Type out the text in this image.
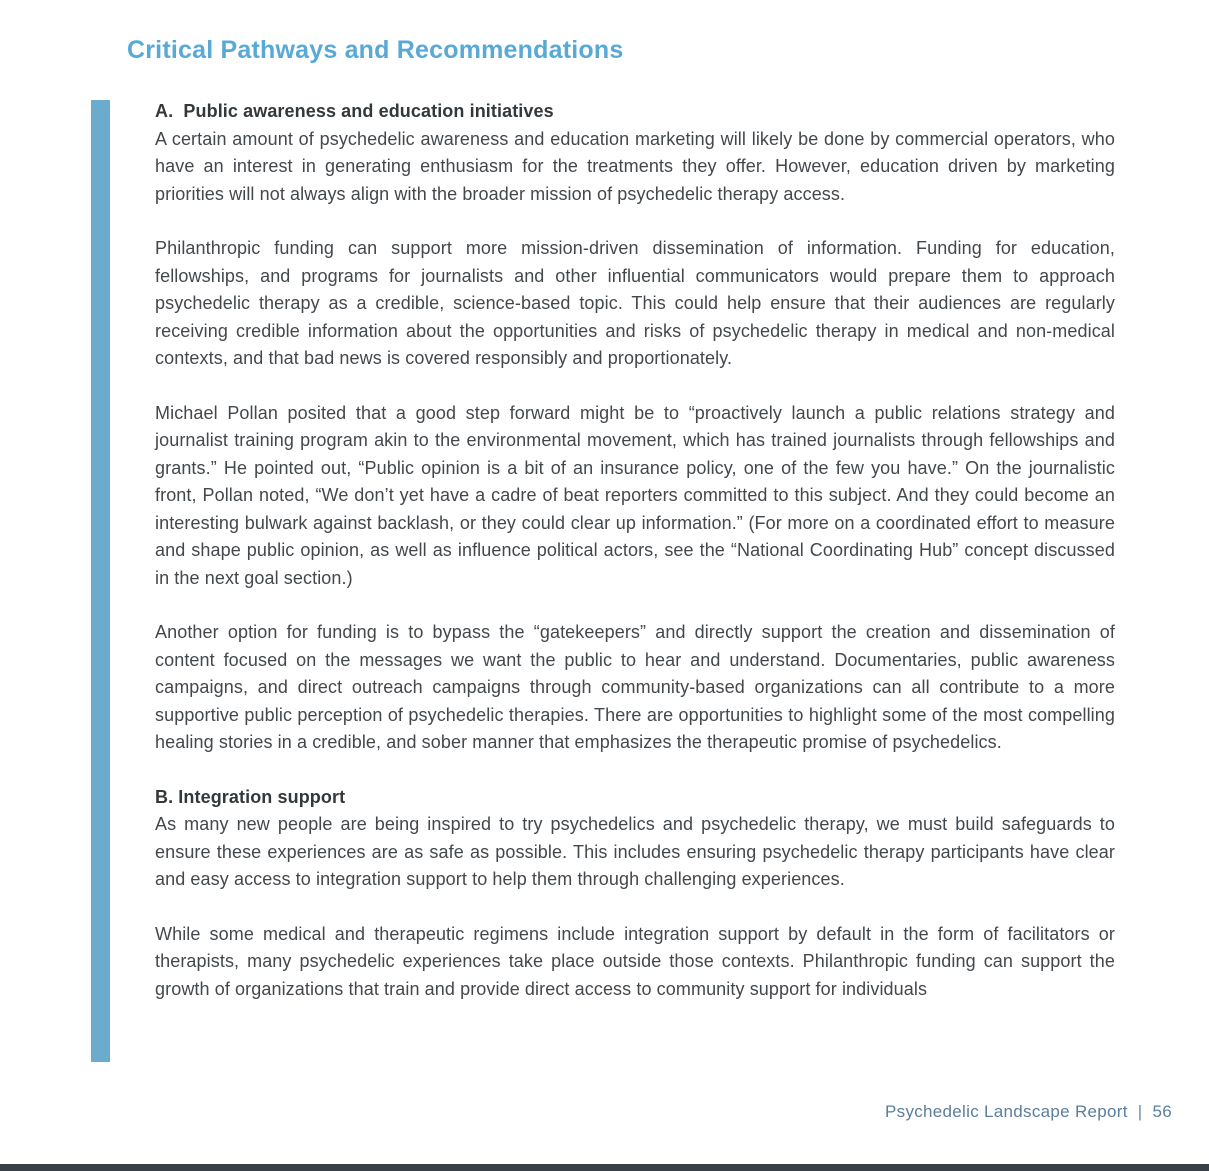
Critical Pathways and Recommendations
A.  Public awareness and education initiatives

A certain amount of psychedelic awareness and education marketing will likely be done by commercial operators, who have an interest in generating enthusiasm for the treatments they offer. However, education driven by marketing priorities will not always align with the broader mission of psychedelic therapy access.

Philanthropic funding can support more mission-driven dissemination of information. Funding for education, fellowships, and programs for journalists and other influential communicators would prepare them to approach psychedelic therapy as a credible, science-based topic. This could help ensure that their audiences are regularly receiving credible information about the opportunities and risks of psychedelic therapy in medical and non-medical contexts, and that bad news is covered responsibly and proportionately.

Michael Pollan posited that a good step forward might be to “proactively launch a public relations strategy and journalist training program akin to the environmental movement, which has trained journalists through fellowships and grants.” He pointed out, “Public opinion is a bit of an insurance policy, one of the few you have.” On the journalistic front, Pollan noted, “We don’t yet have a cadre of beat reporters committed to this subject. And they could become an interesting bulwark against backlash, or they could clear up information.” (For more on a coordinated effort to measure and shape public opinion, as well as influence political actors, see the “National Coordinating Hub” concept discussed in the next goal section.)

Another option for funding is to bypass the “gatekeepers” and directly support the creation and dissemination of content focused on the messages we want the public to hear and understand. Documentaries, public awareness campaigns, and direct outreach campaigns through community-based organizations can all contribute to a more supportive public perception of psychedelic therapies. There are opportunities to highlight some of the most compelling healing stories in a credible, and sober manner that emphasizes the therapeutic promise of psychedelics.

B. Integration support

As many new people are being inspired to try psychedelics and psychedelic therapy, we must build safeguards to ensure these experiences are as safe as possible. This includes ensuring psychedelic therapy participants have clear and easy access to integration support to help them through challenging experiences.

While some medical and therapeutic regimens include integration support by default in the form of facilitators or therapists, many psychedelic experiences take place outside those contexts. Philanthropic funding can support the growth of organizations that train and provide direct access to community support for individuals

Psychedelic Landscape Report | 56
